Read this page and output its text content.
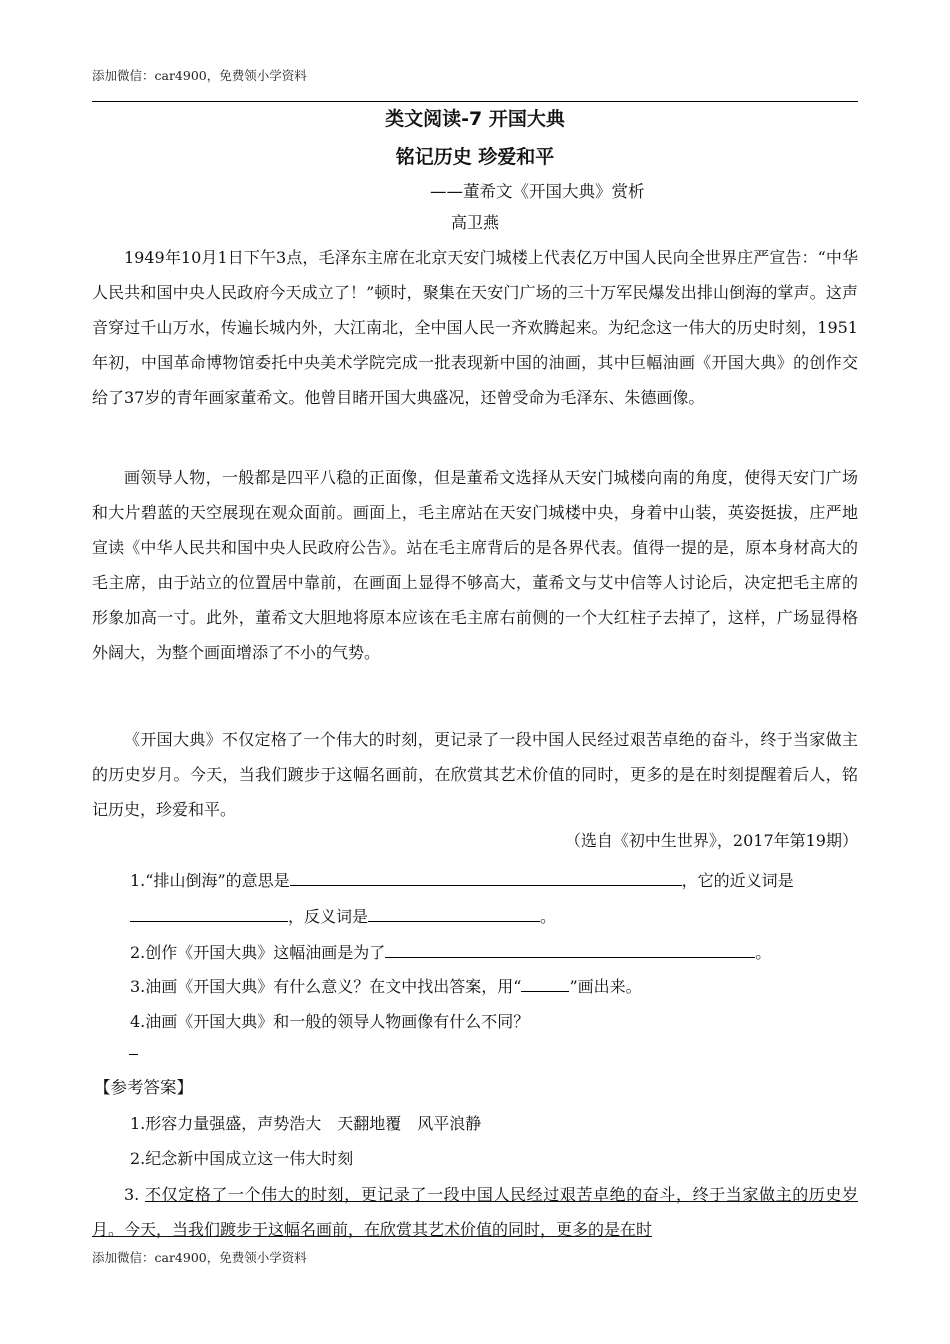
添加微信：car4900，免费领小学资料
类文阅读-7 开国大典
铭记历史 珍爱和平
——董希文《开国大典》赏析
高卫燕

1949年10月1日下午3点，毛泽东主席在北京天安门城楼上代表亿万中国人民向全世界庄严宣告：“中华人民共和国中央人民政府今天成立了！”顿时，聚集在天安门广场的三十万军民爆发出排山倒海的掌声。这声音穿过千山万水，传遍长城内外，大江南北，全中国人民一齐欢腾起来。为纪念这一伟大的历史时刻，1951年初，中国革命博物馆委托中央美术学院完成一批表现新中国的油画，其中巨幅油画《开国大典》的创作交给了37岁的青年画家董希文。他曾目睹开国大典盛况，还曾受命为毛泽东、朱德画像。

画领导人物，一般都是四平八稳的正面像，但是董希文选择从天安门城楼向南的角度，使得天安门广场和大片碧蓝的天空展现在观众面前。画面上，毛主席站在天安门城楼中央，身着中山装，英姿挺拔，庄严地宣读《中华人民共和国中央人民政府公告》。站在毛主席背后的是各界代表。值得一提的是，原本身材高大的毛主席，由于站立的位置居中靠前，在画面上显得不够高大，董希文与艾中信等人讨论后，决定把毛主席的形象加高一寸。此外，董希文大胆地将原本应该在毛主席右前侧的一个大红柱子去掉了，这样，广场显得格外阔大，为整个画面增添了不小的气势。

《开国大典》不仅定格了一个伟大的时刻，更记录了一段中国人民经过艰苦卓绝的奋斗，终于当家做主的历史岁月。今天，当我们踱步于这幅名画前，在欣赏其艺术价值的同时，更多的是在时刻提醒着后人，铭记历史，珍爱和平。

（选自《初中生世界》，2017年第19期）
1.“排山倒海”的意思是	，它的近义词是
，反义词是	。
2.创作《开国大典》这幅油画是为了	。
3.油画《开国大典》有什么意义？在文中找出答案，用“	”画出来。
4.油画《开国大典》和一般的领导人物画像有什么不同？
【参考答案】
1.形容力量强盛，声势浩大　天翻地覆　风平浪静
2.纪念新中国成立这一伟大时刻

3. 不仅定格了一个伟大的时刻，更记录了一段中国人民经过艰苦卓绝的奋斗，终于当家做主的历史岁月。今天，当我们踱步于这幅名画前，在欣赏其艺术价值的同时，更多的是在时

添加微信：car4900，免费领小学资料
